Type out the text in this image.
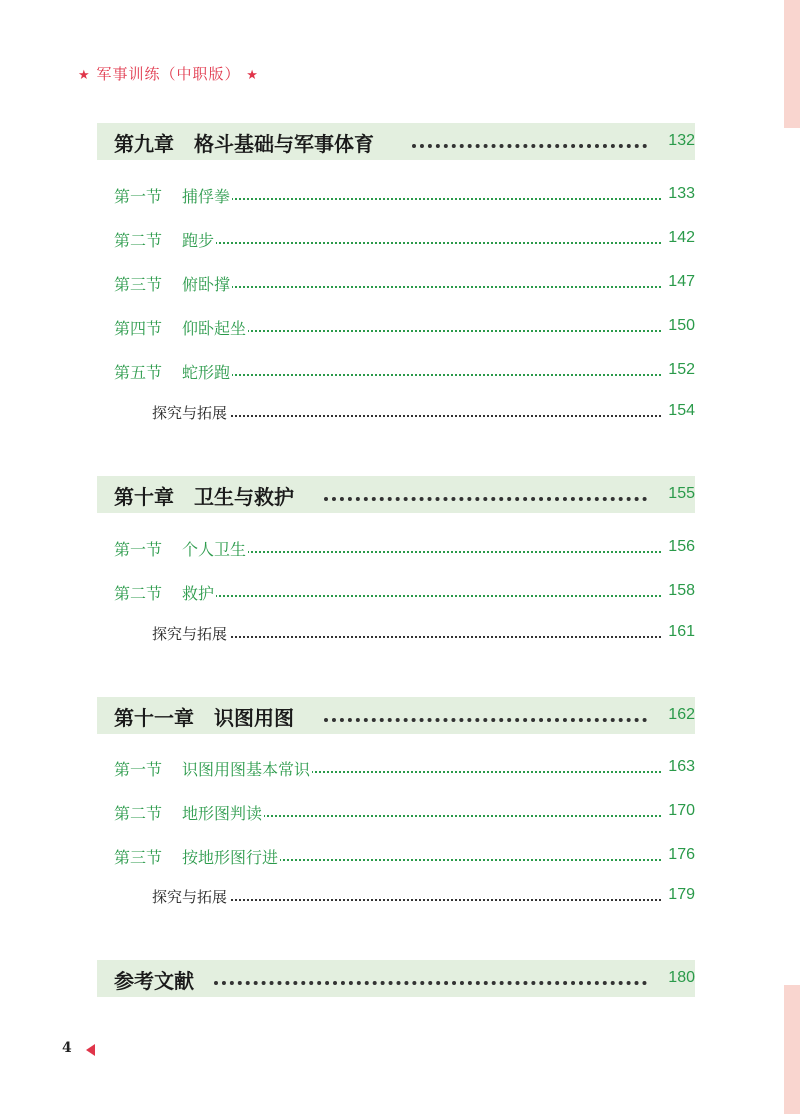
★ 军事训练（中职版） ★
第九章　格斗基础与军事体育	132
第一节 捕俘拳	133
第二节 跑步	142
第三节 俯卧撑	147
第四节 仰卧起坐	150
第五节 蛇形跑	152
探究与拓展	154
第十章　卫生与救护	155
第一节 个人卫生	156
第二节 救护	158
探究与拓展	161
第十一章　识图用图	162
第一节 识图用图基本常识	163
第二节 地形图判读	170
第三节 按地形图行进	176
探究与拓展	179
参考文献	180
4
